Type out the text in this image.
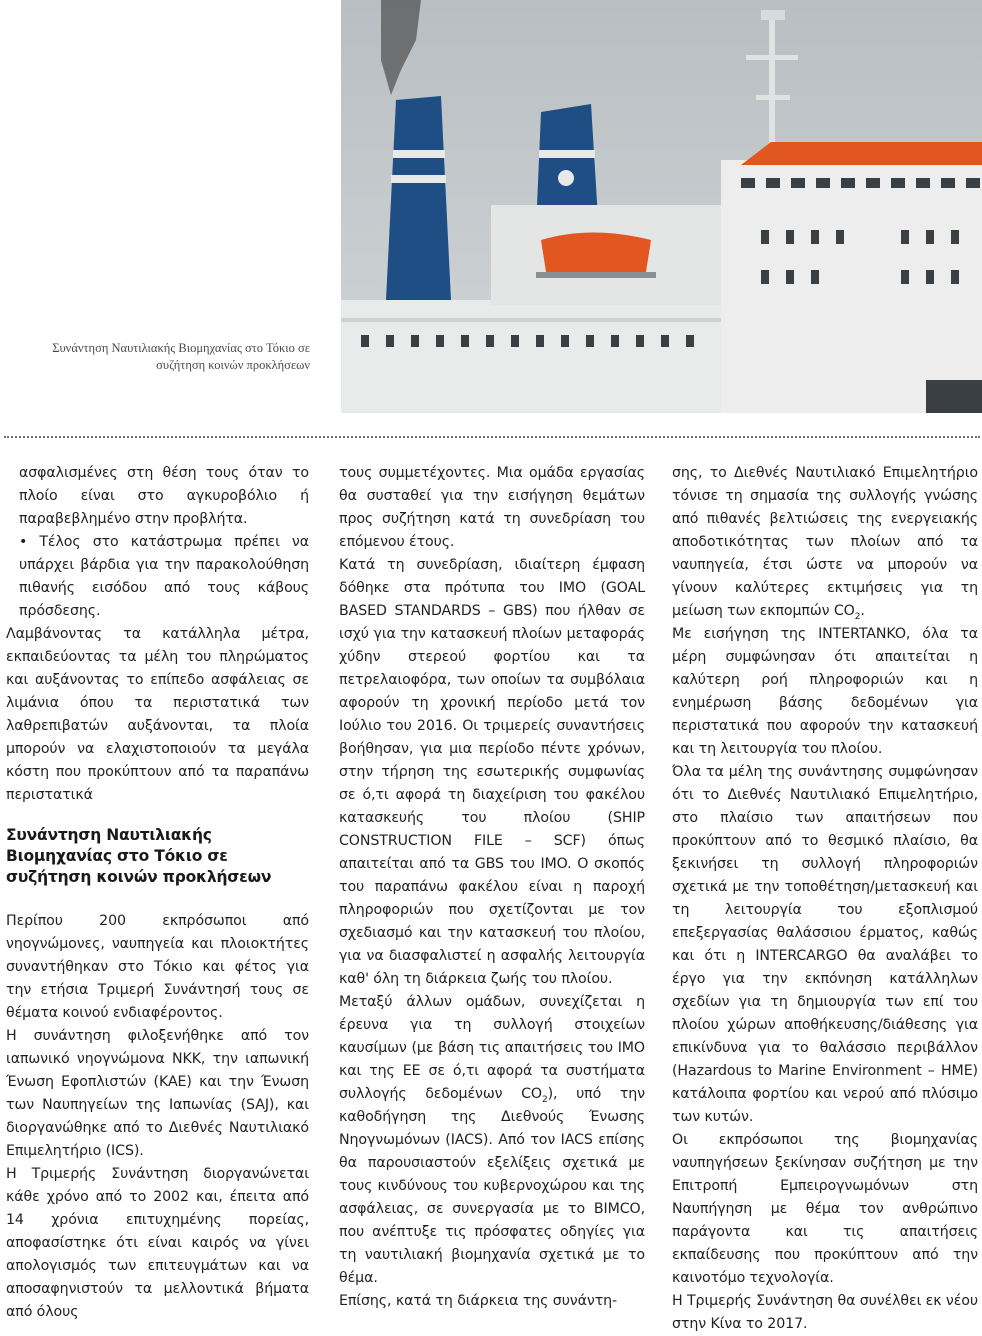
Συνάντηση Ναυτιλιακής Βιομηχανίας στο Τόκιο σε
συζήτηση κοινών προκλήσεων

ασφαλισμένες στη θέση τους όταν το πλοίο είναι στο αγκυροβόλιο ή παραβεβλημένο στην προβλήτα.

• Τέλος στο κατάστρωμα πρέπει να υπάρχει βάρδια για την παρακολούθηση πιθανής εισόδου από τους κάβους πρόσδεσης.

Λαμβάνοντας τα κατάλληλα μέτρα, εκπαιδεύοντας τα μέλη του πληρώματος και αυξάνοντας το επίπεδο ασφάλειας σε λιμάνια όπου τα περιστατικά των λαθρεπιβατών αυξάνονται, τα πλοία μπορούν να ελαχιστοποιούν τα μεγάλα κόστη που προκύπτουν από τα παραπάνω περιστατικά

Συνάντηση Ναυτιλιακής Βιομηχανίας στο Τόκιο σε συζήτηση κοινών προκλήσεων

Περίπου 200 εκπρόσωποι από νηογνώμονες, ναυπηγεία και πλοιοκτήτες συναντήθηκαν στο Τόκιο και φέτος για την ετήσια Τριμερή Συνάντησή τους σε θέματα κοινού ενδιαφέροντος.

Η συνάντηση φιλοξενήθηκε από τον ιαπωνικό νηογνώμονα NKK, την ιαπωνική Ένωση Εφοπλιστών (KAE) και την Ένωση των Ναυπηγείων της Ιαπωνίας (SAJ), και διοργανώθηκε από το Διεθνές Ναυτιλιακό Επιμελητήριο (ICS).

Η Τριμερής Συνάντηση διοργανώνεται κάθε χρόνο από το 2002 και, έπειτα από 14 χρόνια επιτυχημένης πορείας, αποφασίστηκε ότι είναι καιρός να γίνει απολογισμός των επιτευγμάτων και να αποσαφηνιστούν τα μελλοντικά βήματα από όλους

τους συμμετέχοντες. Μια ομάδα εργασίας θα συσταθεί για την εισήγηση θεμάτων προς συζήτηση κατά τη συνεδρίαση του επόμενου έτους.

Κατά τη συνεδρίαση, ιδιαίτερη έμφαση δόθηκε στα πρότυπα του IMO (GOAL BASED STANDARDS – GBS) που ήλθαν σε ισχύ για την κατασκευή πλοίων μεταφοράς χύδην στερεού φορτίου και τα πετρελαιοφόρα, των οποίων τα συμβόλαια αφορούν τη χρονική περίοδο μετά τον Ιούλιο του 2016. Οι τριμερείς συναντήσεις βοήθησαν, για μια περίοδο πέντε χρόνων, στην τήρηση της εσωτερικής συμφωνίας σε ό,τι αφορά τη διαχείριση του φακέλου κατασκευής του πλοίου (SHIP CONSTRUCTION FILE – SCF) όπως απαιτείται από τα GBS του IMO. Ο σκοπός του παραπάνω φακέλου είναι η παροχή πληροφοριών που σχετίζονται με τον σχεδιασμό και την κατασκευή του πλοίου, για να διασφαλιστεί η ασφαλής λειτουργία καθ' όλη τη διάρκεια ζωής του πλοίου.

Μεταξύ άλλων ομάδων, συνεχίζεται η έρευνα για τη συλλογή στοιχείων καυσίμων (με βάση τις απαιτήσεις του IMO και της ΕΕ σε ό,τι αφορά τα συστήματα συλλογής δεδομένων $CO_2$), υπό την καθοδήγηση της Διεθνούς Ένωσης Νηογνωμόνων (IACS). Από τον IACS επίσης θα παρουσιαστούν εξελίξεις σχετικά με τους κινδύνους του κυβερνοχώρου και της ασφάλειας, σε συνεργασία με το BIMCO, που ανέπτυξε τις πρόσφατες οδηγίες για τη ναυτιλιακή βιομηχανία σχετικά με το θέμα.

Επίσης, κατά τη διάρκεια της συνάντη-

σης, το Διεθνές Ναυτιλιακό Επιμελητήριο τόνισε τη σημασία της συλλογής γνώσης από πιθανές βελτιώσεις της ενεργειακής αποδοτικότητας των πλοίων από τα ναυπηγεία, έτσι ώστε να μπορούν να γίνουν καλύτερες εκτιμήσεις για τη μείωση των εκπομπών $CO_2$.

Με εισήγηση της INTERTANKO, όλα τα μέρη συμφώνησαν ότι απαιτείται η καλύτερη ροή πληροφοριών και η ενημέρωση βάσης δεδομένων για περιστατικά που αφορούν την κατασκευή και τη λειτουργία του πλοίου.

Όλα τα μέλη της συνάντησης συμφώνησαν ότι το Διεθνές Ναυτιλιακό Επιμελητήριο, στο πλαίσιο των απαιτήσεων που προκύπτουν από το θεσμικό πλαίσιο, θα ξεκινήσει τη συλλογή πληροφοριών σχετικά με την τοποθέτηση/μετασκευή και τη λειτουργία του εξοπλισμού επεξεργασίας θαλάσσιου έρματος, καθώς και ότι η INTERCARGO θα αναλάβει το έργο για την εκπόνηση κατάλληλων σχεδίων για τη δημιουργία των επί του πλοίου χώρων αποθήκευσης/διάθεσης για επικίνδυνα για το θαλάσσιο περιβάλλον (Hazardous to Marine Environment – HME) κατάλοιπα φορτίου και νερού από πλύσιμο των κυτών.

Οι εκπρόσωποι της βιομηχανίας ναυπηγήσεων ξεκίνησαν συζήτηση με την Επιτροπή Εμπειρογνωμόνων στη Ναυπήγηση με θέμα τον ανθρώπινο παράγοντα και τις απαιτήσεις εκπαίδευσης που προκύπτουν από την καινοτόμο τεχνολογία.

Η Τριμερής Συνάντηση θα συνέλθει εκ νέου στην Κίνα το 2017.
